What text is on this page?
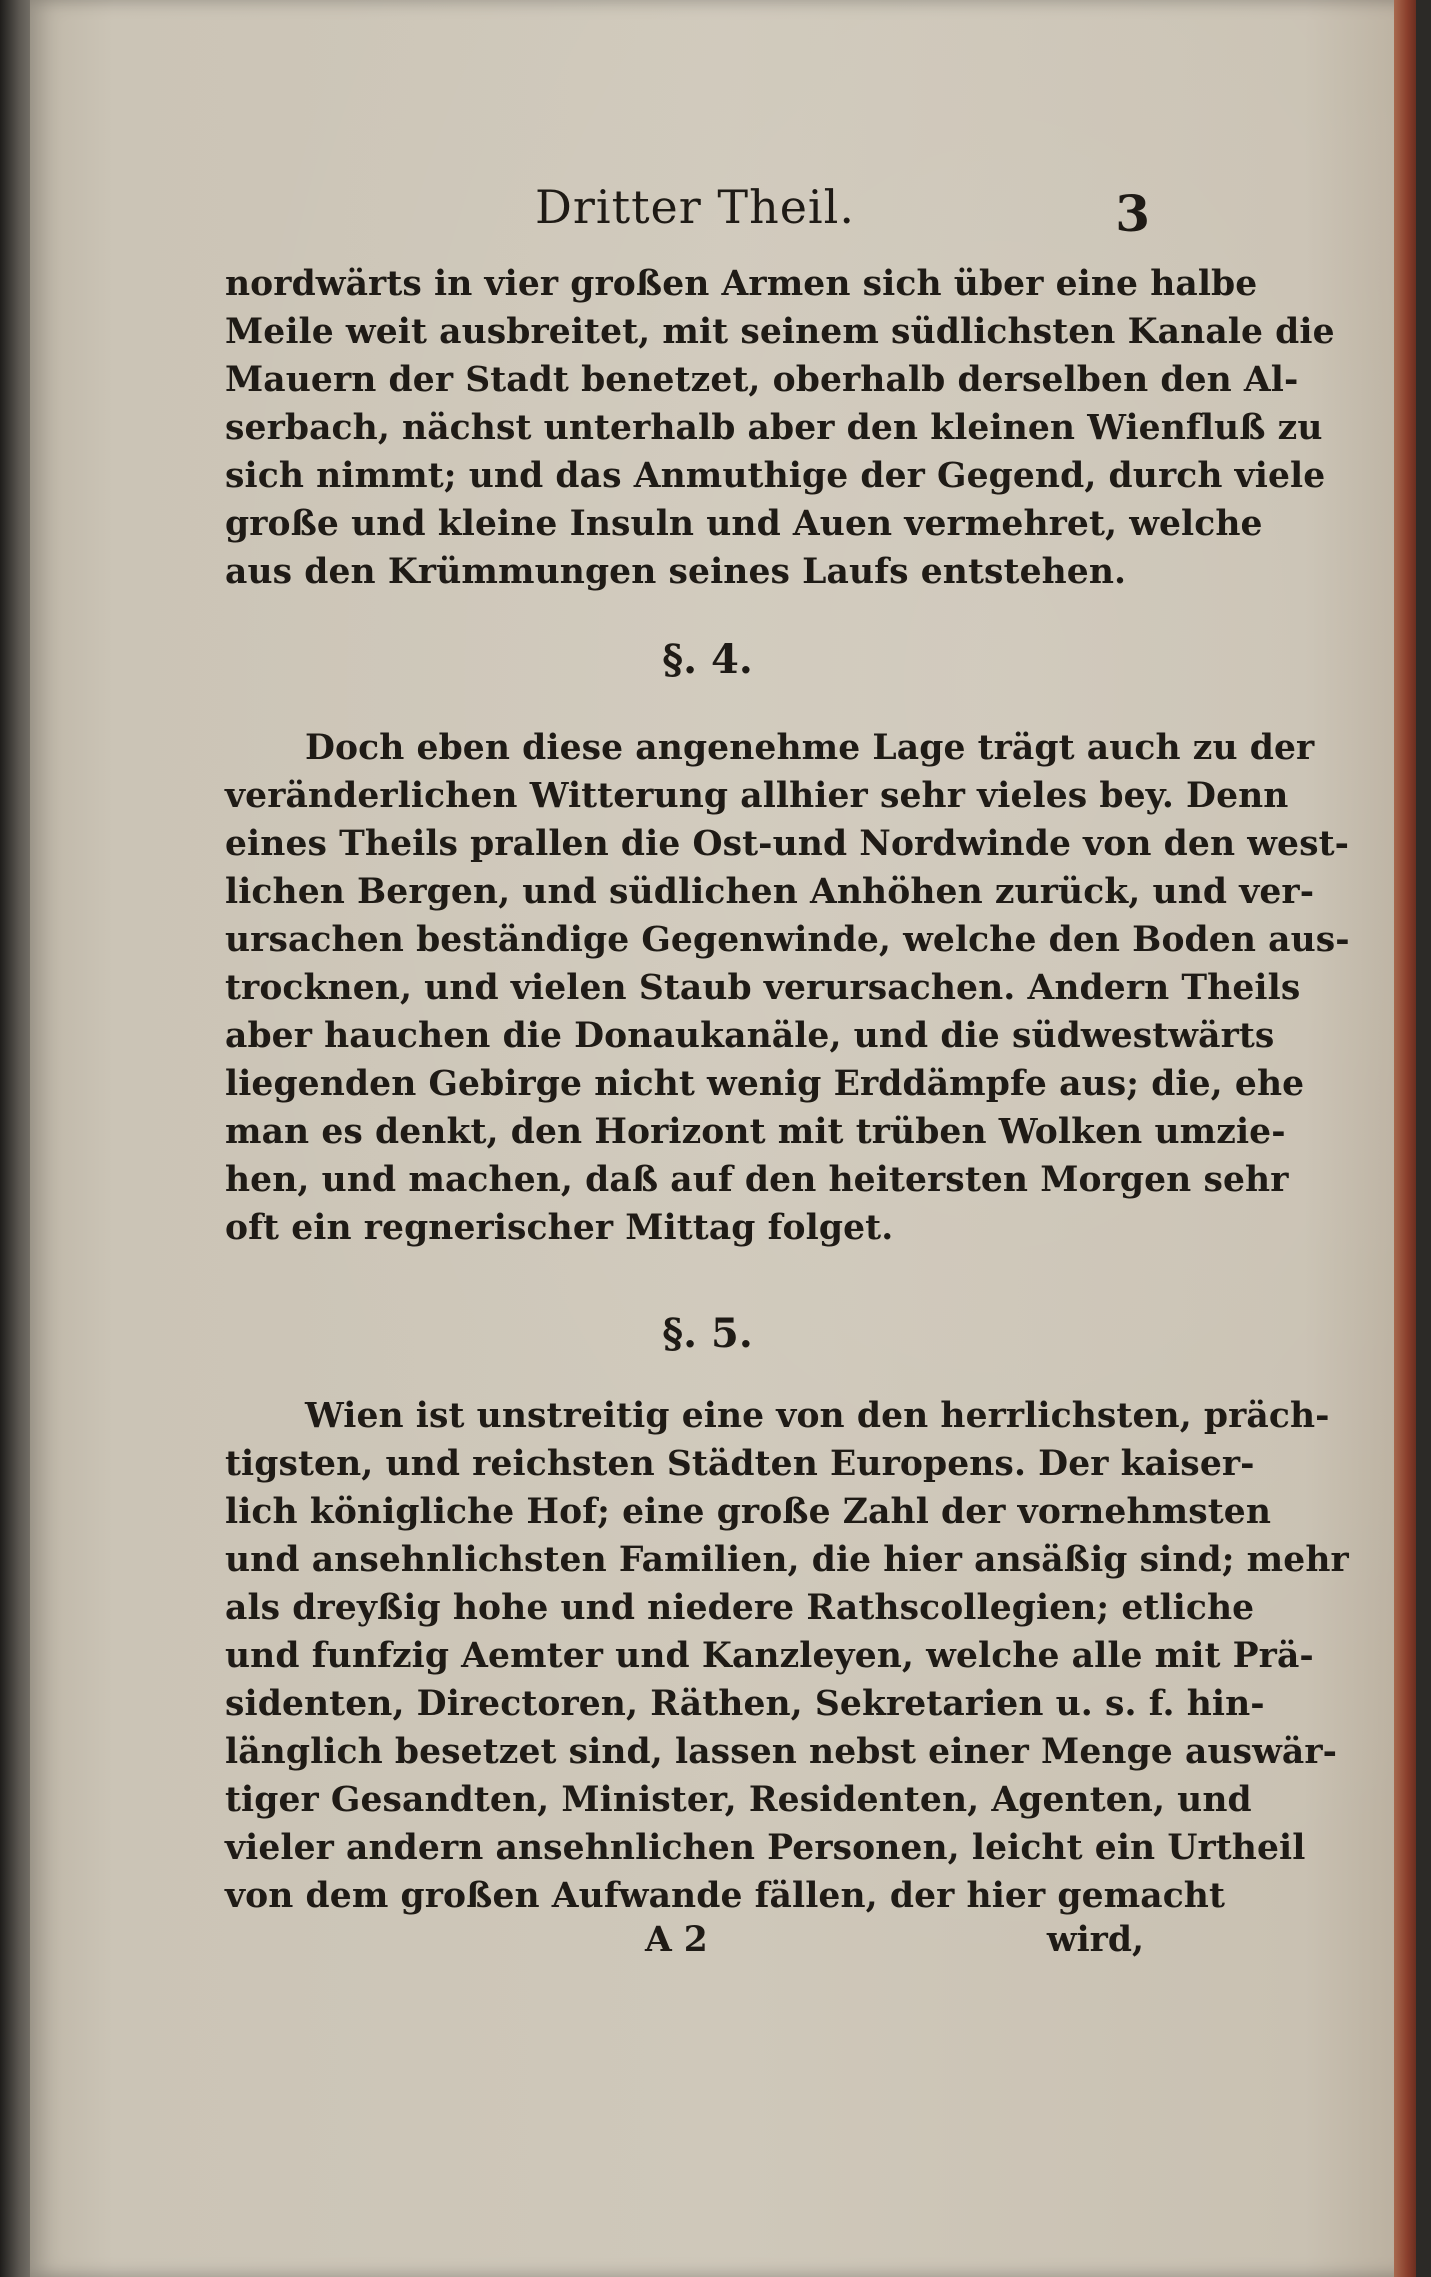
Dritter Theil.	3
nordwärts in vier großen Armen sich über eine halbe
Meile weit ausbreitet, mit seinem südlichsten Kanale die
Mauern der Stadt benetzet, oberhalb derselben den Al-
serbach, nächst unterhalb aber den kleinen Wienfluß zu
sich nimmt; und das Anmuthige der Gegend, durch viele
große und kleine Insuln und Auen vermehret, welche
aus den Krümmungen seines Laufs entstehen.
§. 4.
Doch eben diese angenehme Lage trägt auch zu der
veränderlichen Witterung allhier sehr vieles bey. Denn
eines Theils prallen die Ost-und Nordwinde von den west-
lichen Bergen, und südlichen Anhöhen zurück, und ver-
ursachen beständige Gegenwinde, welche den Boden aus-
trocknen, und vielen Staub verursachen. Andern Theils
aber hauchen die Donaukanäle, und die südwestwärts
liegenden Gebirge nicht wenig Erddämpfe aus; die, ehe
man es denkt, den Horizont mit trüben Wolken umzie-
hen, und machen, daß auf den heitersten Morgen sehr
oft ein regnerischer Mittag folget.
§. 5.
Wien ist unstreitig eine von den herrlichsten, präch-
tigsten, und reichsten Städten Europens. Der kaiser-
lich königliche Hof; eine große Zahl der vornehmsten
und ansehnlichsten Familien, die hier ansäßig sind; mehr
als dreyßig hohe und niedere Rathscollegien; etliche
und funfzig Aemter und Kanzleyen, welche alle mit Prä-
sidenten, Directoren, Räthen, Sekretarien u. s. f. hin-
länglich besetzet sind, lassen nebst einer Menge auswär-
tiger Gesandten, Minister, Residenten, Agenten, und
vieler andern ansehnlichen Personen, leicht ein Urtheil
von dem großen Aufwande fällen, der hier gemacht
A 2	wird,
